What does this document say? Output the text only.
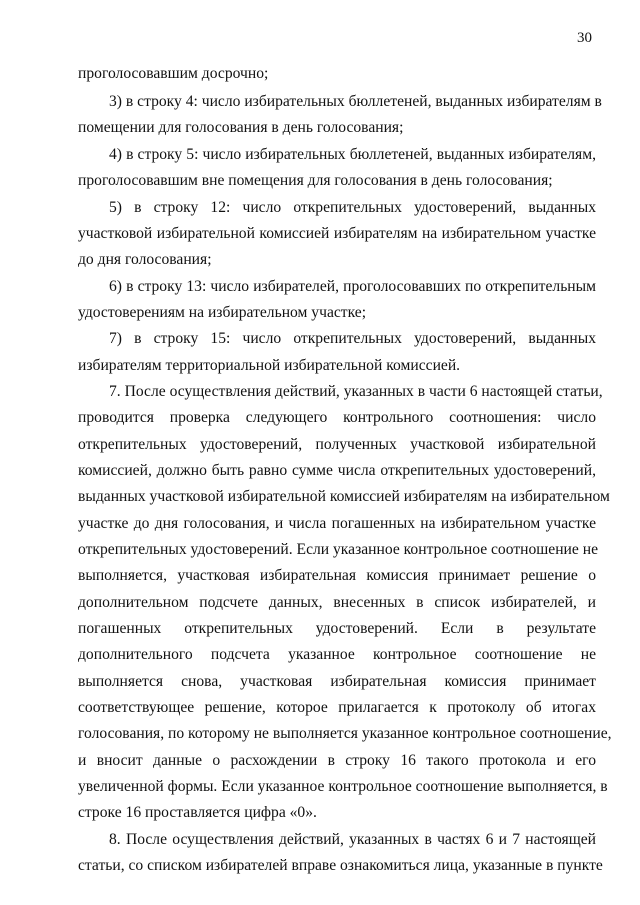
30
проголосовавшим досрочно;
3) в строку 4: число избирательных бюллетеней, выданных избирателям в
помещении для голосования в день голосования;
4) в строку 5: число избирательных бюллетеней, выданных избирателям,
проголосовавшим вне помещения для голосования в день голосования;
5) в строку 12: число открепительных удостоверений, выданных
участковой избирательной комиссией избирателям на избирательном участке
до дня голосования;
6) в строку 13: число избирателей, проголосовавших по открепительным
удостоверениям на избирательном участке;
7) в строку 15: число открепительных удостоверений, выданных
избирателям территориальной избирательной комиссией.
7. После осуществления действий, указанных в части 6 настоящей статьи,
проводится проверка следующего контрольного соотношения: число
открепительных удостоверений, полученных участковой избирательной
комиссией, должно быть равно сумме числа открепительных удостоверений,
выданных участковой избирательной комиссией избирателям на избирательном
участке до дня голосования, и числа погашенных на избирательном участке
открепительных удостоверений. Если указанное контрольное соотношение не
выполняется, участковая избирательная комиссия принимает решение о
дополнительном подсчете данных, внесенных в список избирателей, и
погашенных открепительных удостоверений. Если в результате
дополнительного подсчета указанное контрольное соотношение не
выполняется снова, участковая избирательная комиссия принимает
соответствующее решение, которое прилагается к протоколу об итогах
голосования, по которому не выполняется указанное контрольное соотношение,
и вносит данные о расхождении в строку 16 такого протокола и его
увеличенной формы. Если указанное контрольное соотношение выполняется, в
строке 16 проставляется цифра «0».
8. После осуществления действий, указанных в частях 6 и 7 настоящей
статьи, со списком избирателей вправе ознакомиться лица, указанные в пункте
